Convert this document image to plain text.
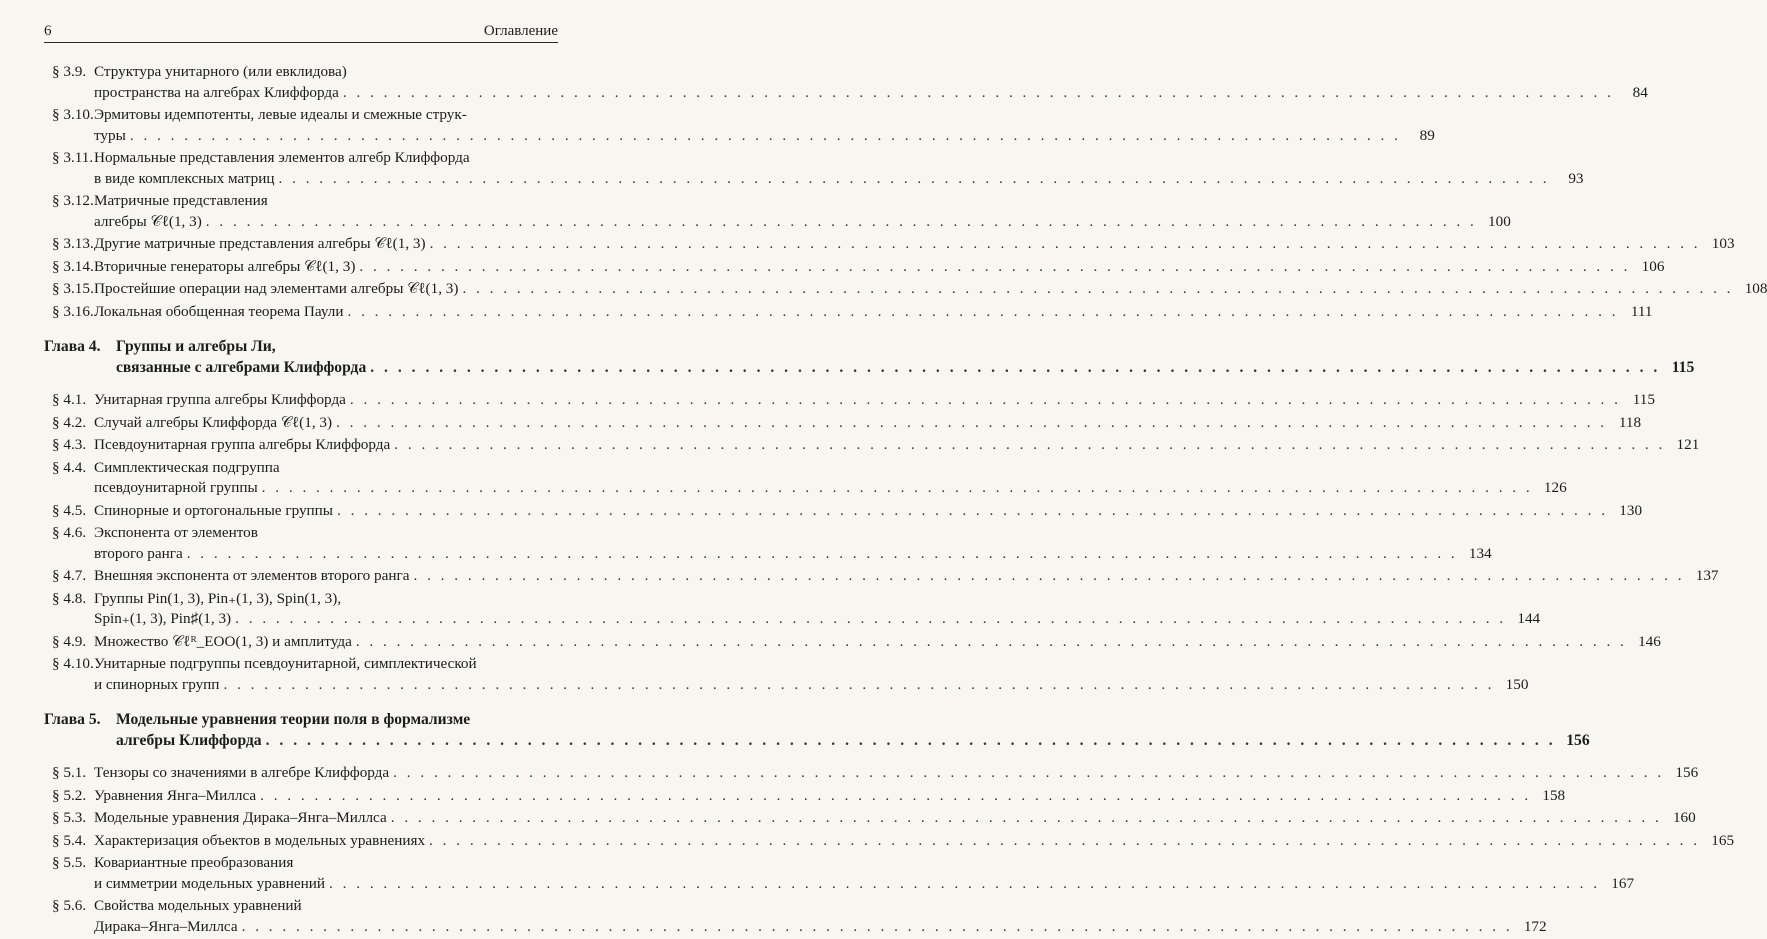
6	Оглавление
§ 3.9. Структура унитарного (или евклидова)
пространства на алгебрах Клиффорда . . .	84
§ 3.10. Эрмитовы идемпотенты, левые идеалы и смежные струк-
туры . . .	89
§ 3.11. Нормальные представления элементов алгебр Клиффорда
в виде комплексных матриц . . .	93
§ 3.12. Матричные представления
алгебры 𝒞ℓ(1, 3) . . .	100
§ 3.13. Другие матричные представления алгебры 𝒞ℓ(1, 3) . . .	103
§ 3.14. Вторичные генераторы алгебры 𝒞ℓ(1, 3) . . .	106
§ 3.15. Простейшие операции над элементами алгебры 𝒞ℓ(1, 3) . . .	108
§ 3.16. Локальная обобщенная теорема Паули . . .	111
Глава 4. Группы и алгебры Ли,
связанные с алгебрами Клиффорда . . .	115
§ 4.1. Унитарная группа алгебры Клиффорда . . .	115
§ 4.2. Случай алгебры Клиффорда 𝒞ℓ(1, 3) . . .	118
§ 4.3. Псевдоунитарная группа алгебры Клиффорда . . .	121
§ 4.4. Симплектическая подгруппа
псевдоунитарной группы . . .	126
§ 4.5. Спинорные и ортогональные группы . . .	130
§ 4.6. Экспонента от элементов
второго ранга . . .	134
§ 4.7. Внешняя экспонента от элементов второго ранга . . .	137
§ 4.8. Группы Pin(1, 3), Pin₊(1, 3), Spin(1, 3),
Spin₊(1, 3), Pin♯(1, 3) . . .	144
§ 4.9. Множество 𝒞ℓᴿ_EOO(1, 3) и амплитуда . . .	146
§ 4.10. Унитарные подгруппы псевдоунитарной, симплектической
и спинорных групп . . .	150
Глава 5. Модельные уравнения теории поля в формализме
алгебры Клиффорда . . .	156
§ 5.1. Тензоры со значениями в алгебре Клиффорда . . .	156
§ 5.2. Уравнения Янга–Миллса . . .	158
§ 5.3. Модельные уравнения Дирака–Янга–Миллса . . .	160
§ 5.4. Характеризация объектов в модельных уравнениях . . .	165
§ 5.5. Ковариантные преобразования
и симметрии модельных уравнений . . .	167
§ 5.6. Свойства модельных уравнений
Дирака–Янга–Миллса . . .	172
